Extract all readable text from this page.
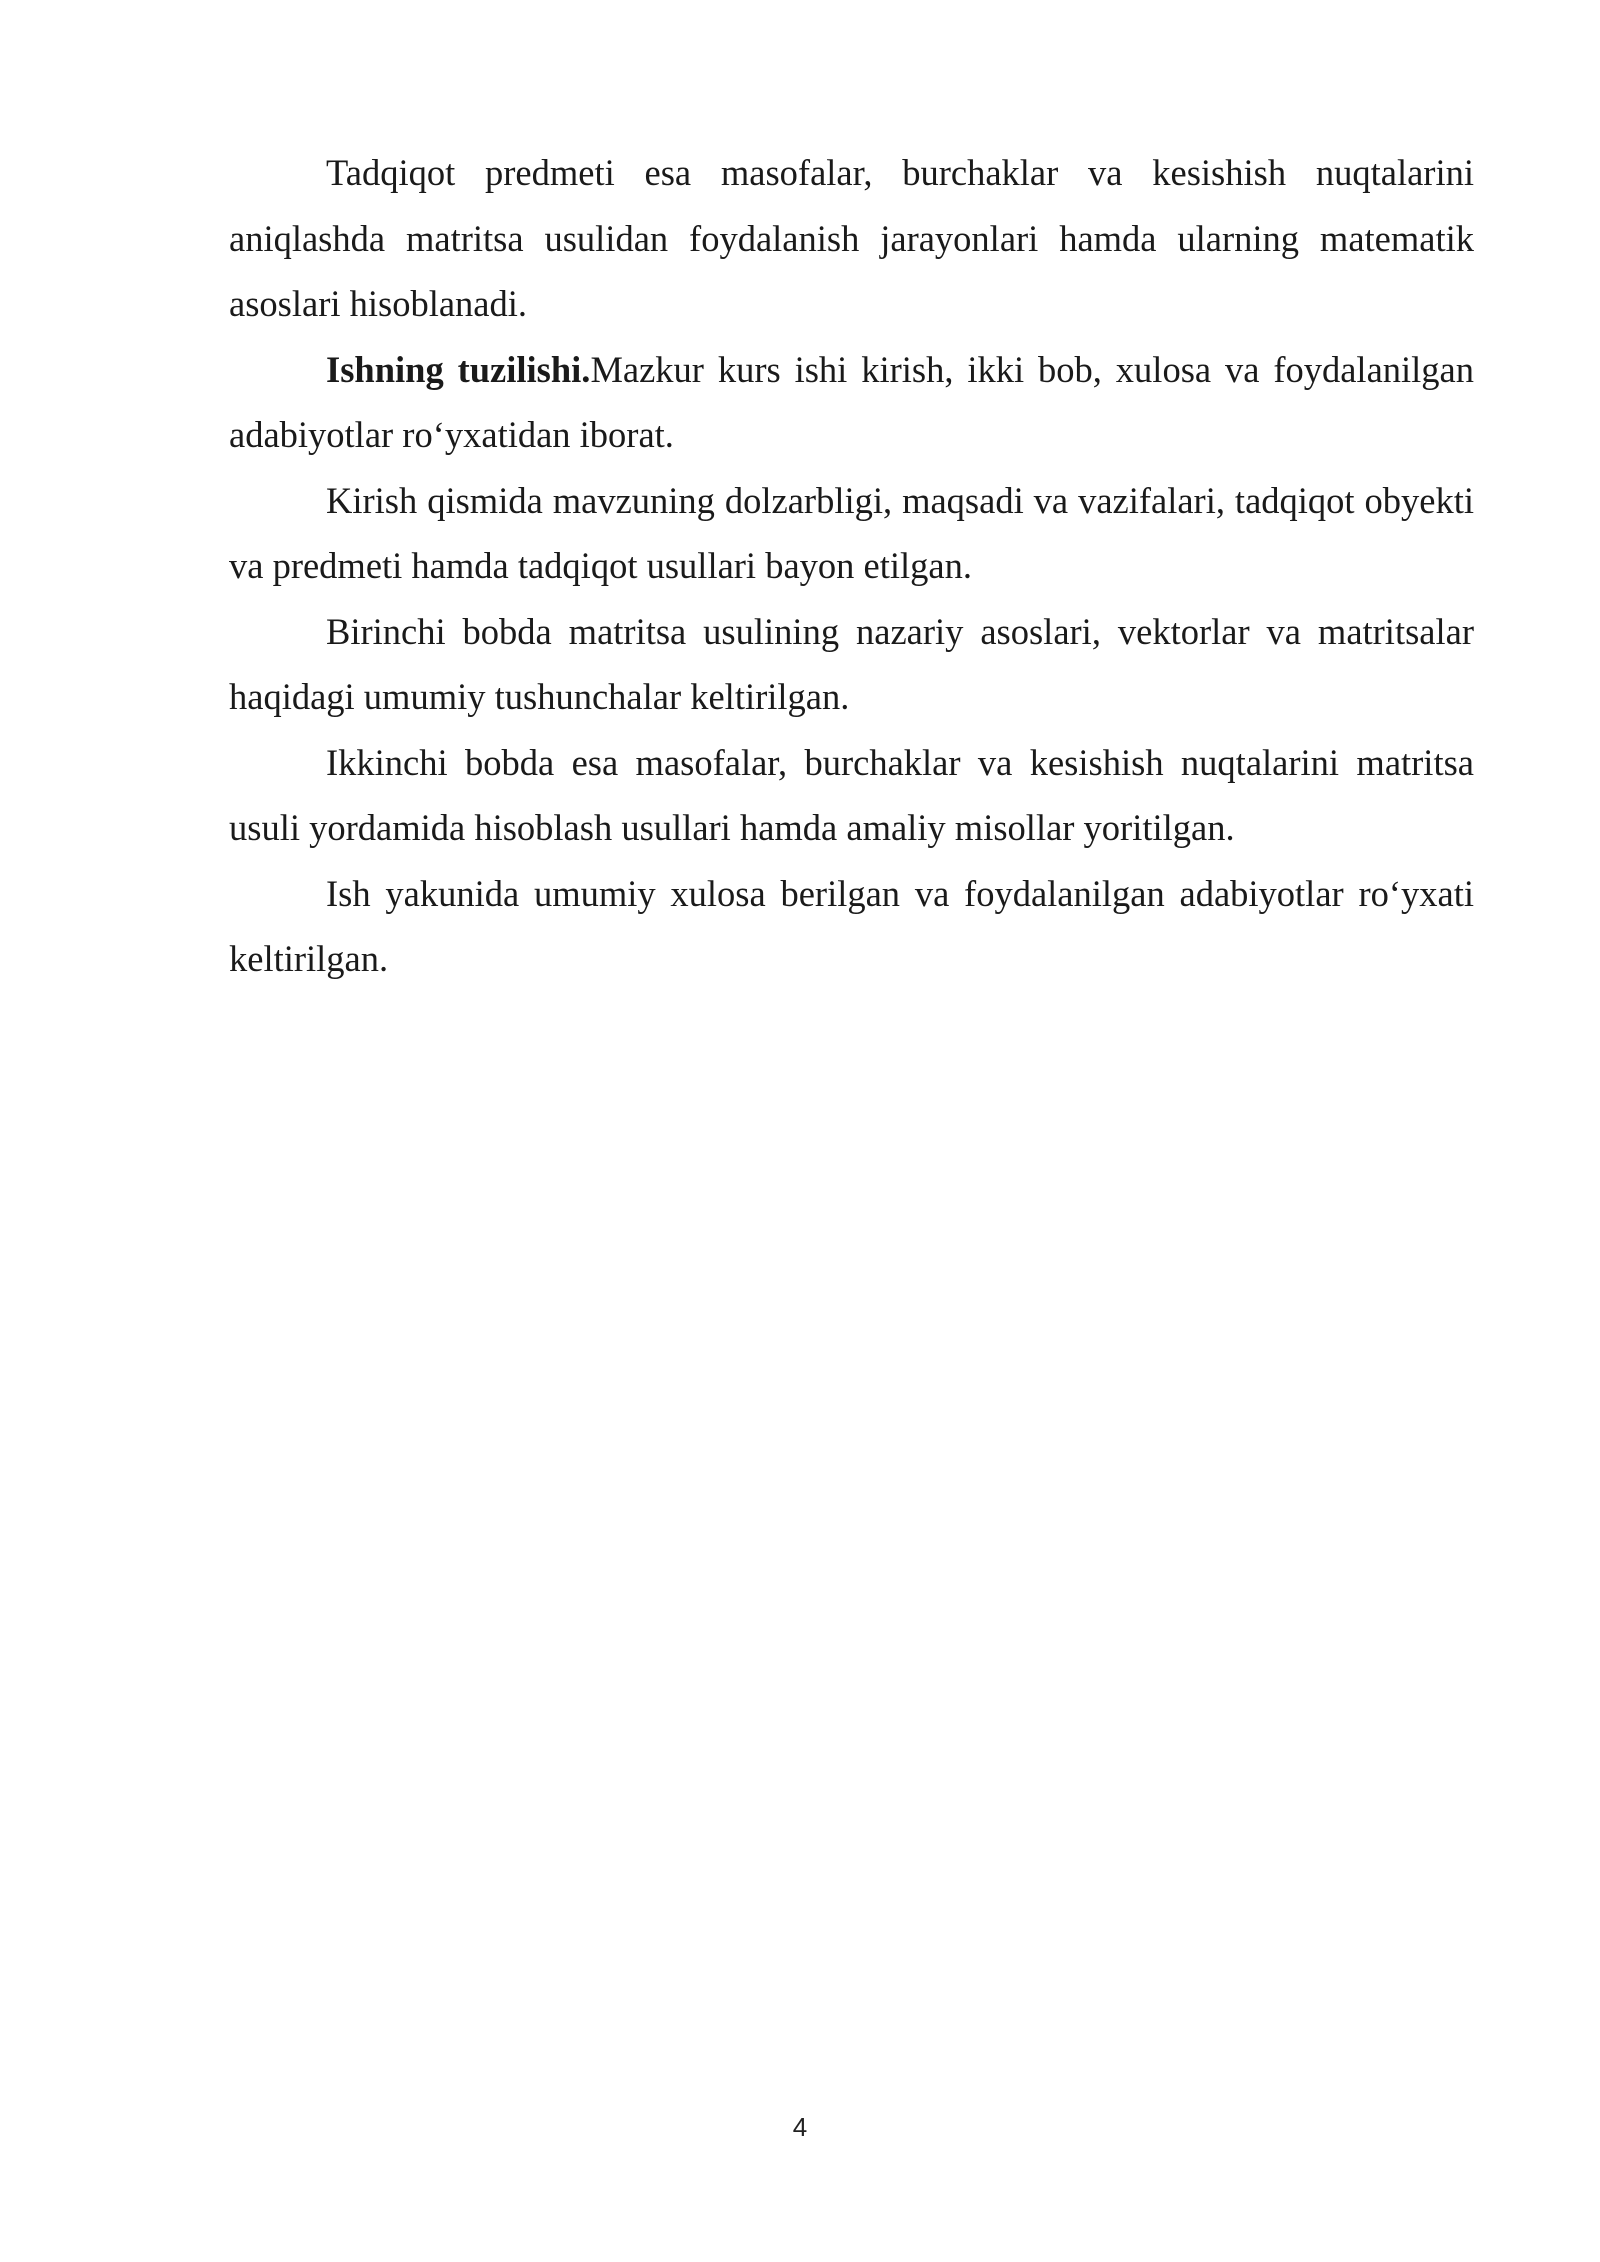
Tadqiqot predmeti esa masofalar, burchaklar va kesishish nuqtalarini aniqlashda matritsa usulidan foydalanish jarayonlari hamda ularning matematik asoslari hisoblanadi.

Ishning tuzilishi.Mazkur kurs ishi kirish, ikki bob, xulosa va foydalanilgan adabiyotlar ro‘yxatidan iborat.

Kirish qismida mavzuning dolzarbligi, maqsadi va vazifalari, tadqiqot obyekti va predmeti hamda tadqiqot usullari bayon etilgan.

Birinchi bobda matritsa usulining nazariy asoslari, vektorlar va matritsalar haqidagi umumiy tushunchalar keltirilgan.

Ikkinchi bobda esa masofalar, burchaklar va kesishish nuqtalarini matritsa usuli yordamida hisoblash usullari hamda amaliy misollar yoritilgan.

Ish yakunida umumiy xulosa berilgan va foydalanilgan adabiyotlar ro‘yxati keltirilgan.

4
